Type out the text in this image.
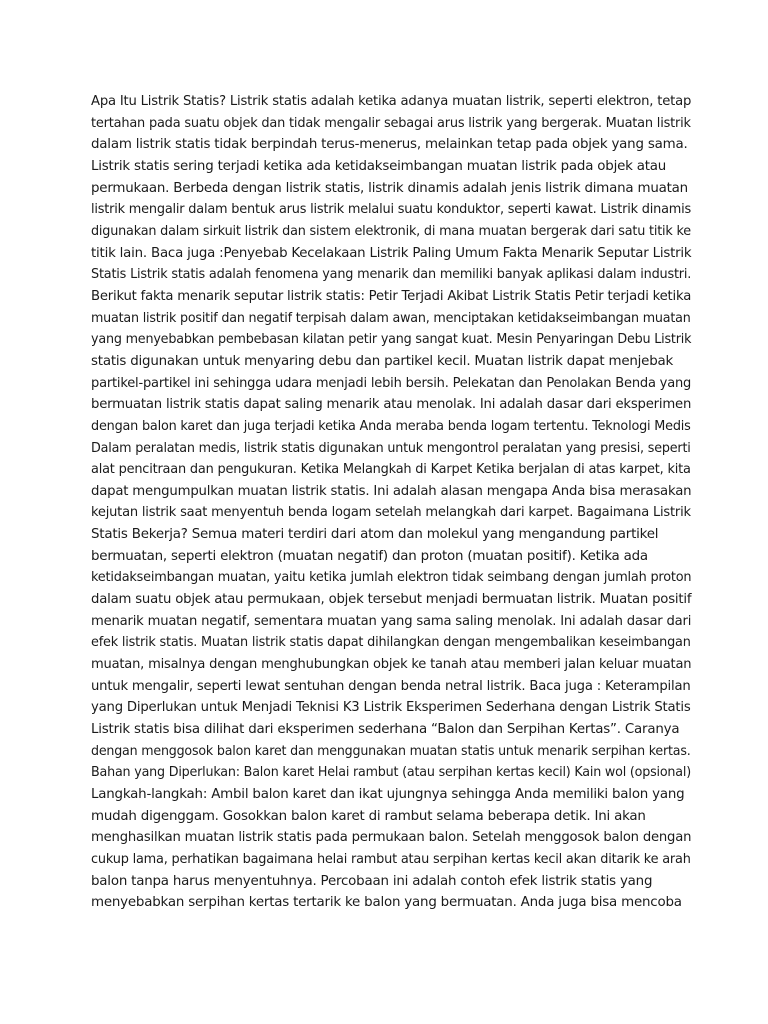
Apa Itu Listrik Statis? Listrik statis adalah ketika adanya muatan listrik, seperti elektron, tetap
tertahan pada suatu objek dan tidak mengalir sebagai arus listrik yang bergerak. Muatan listrik
dalam listrik statis tidak berpindah terus-menerus, melainkan tetap pada objek yang sama.
Listrik statis sering terjadi ketika ada ketidakseimbangan muatan listrik pada objek atau
permukaan. Berbeda dengan listrik statis, listrik dinamis adalah jenis listrik dimana muatan
listrik mengalir dalam bentuk arus listrik melalui suatu konduktor, seperti kawat. Listrik dinamis
digunakan dalam sirkuit listrik dan sistem elektronik, di mana muatan bergerak dari satu titik ke
titik lain. Baca juga :Penyebab Kecelakaan Listrik Paling Umum Fakta Menarik Seputar Listrik
Statis Listrik statis adalah fenomena yang menarik dan memiliki banyak aplikasi dalam industri.
Berikut fakta menarik seputar listrik statis: Petir Terjadi Akibat Listrik Statis Petir terjadi ketika
muatan listrik positif dan negatif terpisah dalam awan, menciptakan ketidakseimbangan muatan
yang menyebabkan pembebasan kilatan petir yang sangat kuat. Mesin Penyaringan Debu Listrik
statis digunakan untuk menyaring debu dan partikel kecil. Muatan listrik dapat menjebak
partikel-partikel ini sehingga udara menjadi lebih bersih. Pelekatan dan Penolakan Benda yang
bermuatan listrik statis dapat saling menarik atau menolak. Ini adalah dasar dari eksperimen
dengan balon karet dan juga terjadi ketika Anda meraba benda logam tertentu. Teknologi Medis
Dalam peralatan medis, listrik statis digunakan untuk mengontrol peralatan yang presisi, seperti
alat pencitraan dan pengukuran. Ketika Melangkah di Karpet Ketika berjalan di atas karpet, kita
dapat mengumpulkan muatan listrik statis. Ini adalah alasan mengapa Anda bisa merasakan
kejutan listrik saat menyentuh benda logam setelah melangkah dari karpet. Bagaimana Listrik
Statis Bekerja? Semua materi terdiri dari atom dan molekul yang mengandung partikel
bermuatan, seperti elektron (muatan negatif) dan proton (muatan positif). Ketika ada
ketidakseimbangan muatan, yaitu ketika jumlah elektron tidak seimbang dengan jumlah proton
dalam suatu objek atau permukaan, objek tersebut menjadi bermuatan listrik. Muatan positif
menarik muatan negatif, sementara muatan yang sama saling menolak. Ini adalah dasar dari
efek listrik statis. Muatan listrik statis dapat dihilangkan dengan mengembalikan keseimbangan
muatan, misalnya dengan menghubungkan objek ke tanah atau memberi jalan keluar muatan
untuk mengalir, seperti lewat sentuhan dengan benda netral listrik. Baca juga : Keterampilan
yang Diperlukan untuk Menjadi Teknisi K3 Listrik Eksperimen Sederhana dengan Listrik Statis
Listrik statis bisa dilihat dari eksperimen sederhana “Balon dan Serpihan Kertas”. Caranya
dengan menggosok balon karet dan menggunakan muatan statis untuk menarik serpihan kertas.
Bahan yang Diperlukan: Balon karet Helai rambut (atau serpihan kertas kecil) Kain wol (opsional)
Langkah-langkah: Ambil balon karet dan ikat ujungnya sehingga Anda memiliki balon yang
mudah digenggam. Gosokkan balon karet di rambut selama beberapa detik. Ini akan
menghasilkan muatan listrik statis pada permukaan balon. Setelah menggosok balon dengan
cukup lama, perhatikan bagaimana helai rambut atau serpihan kertas kecil akan ditarik ke arah
balon tanpa harus menyentuhnya. Percobaan ini adalah contoh efek listrik statis yang
menyebabkan serpihan kertas tertarik ke balon yang bermuatan. Anda juga bisa mencoba
